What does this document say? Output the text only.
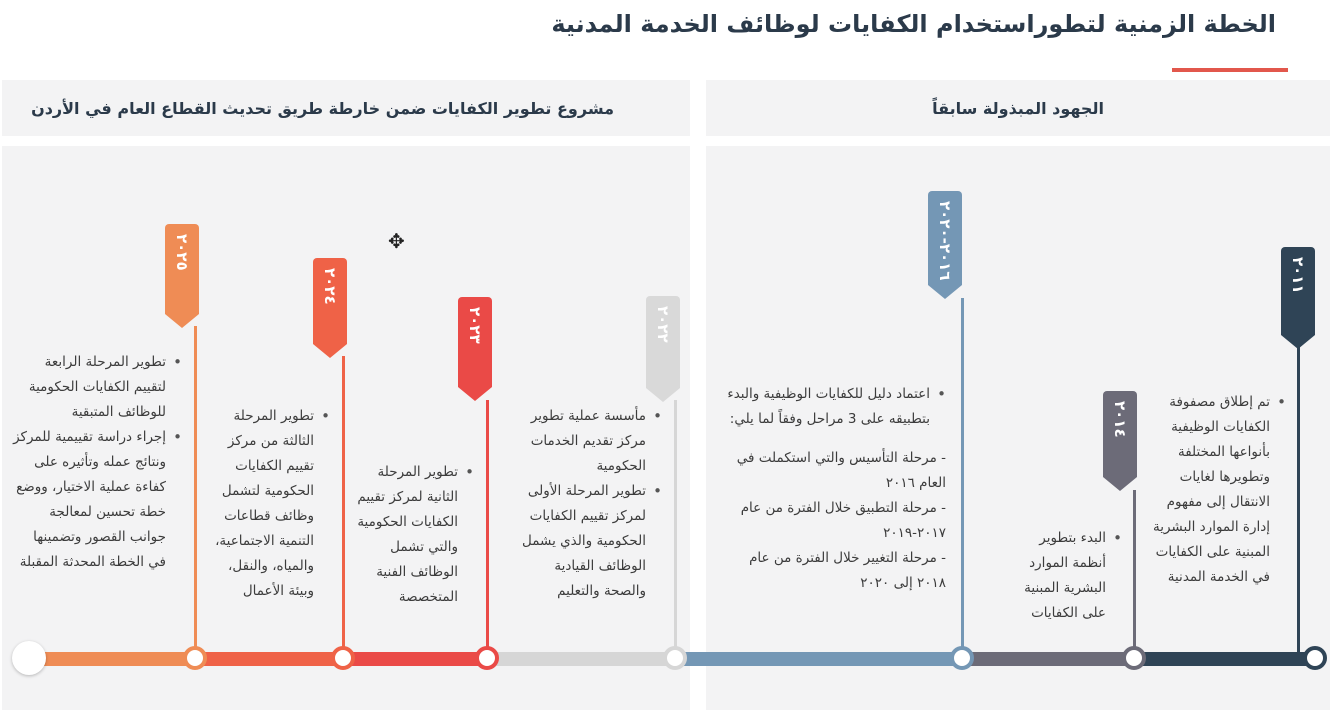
الخطة الزمنية لتطوراستخدام الكفايات لوظائف الخدمة المدنية
الجهود المبذولة سابقاً
مشروع تطوير الكفايات ضمن خارطة طريق تحديث القطاع العام في الأردن
٢٠١١
٢٠١٤
٢٠١٦-٢٠٢٠
٢٠٢٢
٢٠٢٣
٢٠٢٤
٢٠٢٥
• تم إطلاق مصفوفة الكفايات الوظيفية بأنواعها المختلفة وتطويرها لغايات الانتقال إلى مفهوم إدارة الموارد البشرية المبنية على الكفايات في الخدمة المدنية
• البدء بتطوير أنظمة الموارد البشرية المبنية على الكفايات
• اعتماد دليل للكفايات الوظيفية والبدء بتطبيقه على 3 مراحل وفقاً لما يلي:

- مرحلة التأسيس والتي استكملت في العام ٢٠١٦

- مرحلة التطبيق خلال الفترة من عام ٢٠١٧-٢٠١٩

- مرحلة التغيير خلال الفترة من عام ٢٠١٨ إلى ٢٠٢٠

• مأسسة عملية تطوير مركز تقديم الخدمات الحكومية
• تطوير المرحلة الأولى لمركز تقييم الكفايات الحكومية والذي يشمل الوظائف القيادية والصحة والتعليم
• تطوير المرحلة الثانية لمركز تقييم الكفايات الحكومية والتي تشمل الوظائف الفنية المتخصصة
• تطوير المرحلة الثالثة من مركز تقييم الكفايات الحكومية لتشمل وظائف قطاعات التنمية الاجتماعية، والمياه، والنقل، وبيئة الأعمال
• تطوير المرحلة الرابعة لتقييم الكفايات الحكومية للوظائف المتبقية
• إجراء دراسة تقييمية للمركز ونتائج عمله وتأثيره على كفاءة عملية الاختيار، ووضع خطة تحسين لمعالجة جوانب القصور وتضمينها في الخطة المحدثة المقبلة
✥
